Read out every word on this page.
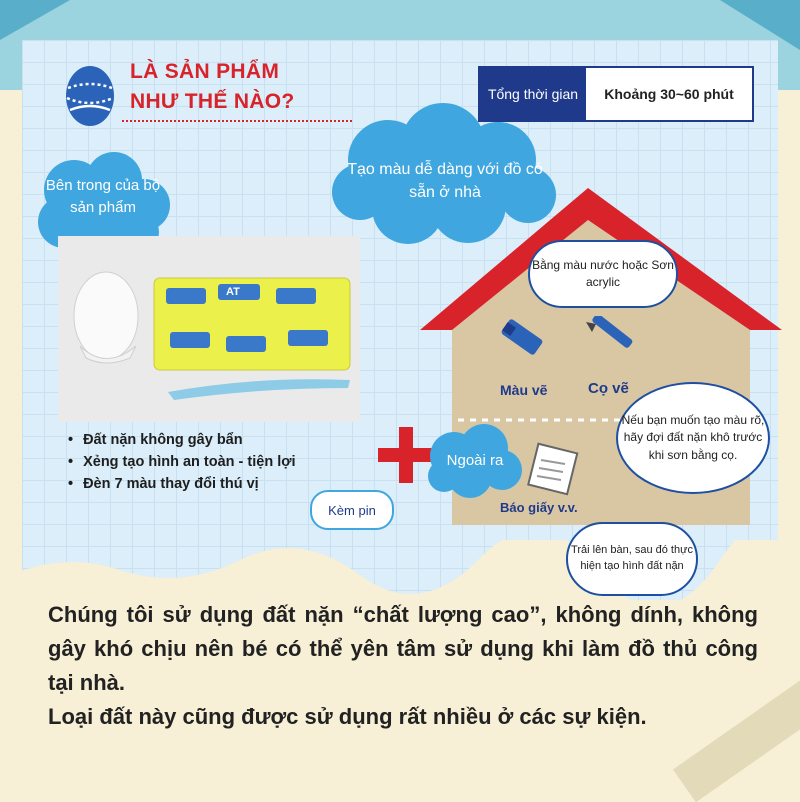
LÀ SẢN PHẨM
NHƯ THẾ NÀO?	Tổng thời gian	Khoảng 30~60 phút
Bên trong của bộ sản phẩm
AT
• Đất nặn không gây bẩn
• Xẻng tạo hình an toàn - tiện lợi
• Đèn 7 màu thay đổi thú vị
Kèm pin
Tạo màu dễ dàng với đồ có sẵn ở nhà
Bằng màu nước hoặc Sơn acrylic
Màu vẽ	Cọ vẽ
Nếu bạn muốn tạo màu rõ, hãy đợi đất nặn khô trước khi sơn bằng cọ.
Ngoài ra
Báo giấy v.v.
Trải lên bàn, sau đó thực hiện tạo hình đất nặn

Chúng tôi sử dụng đất nặn “chất lượng cao”, không dính, không gây khó chịu nên bé có thể yên tâm sử dụng khi làm đồ thủ công tại nhà.

Loại đất này cũng được sử dụng rất nhiều ở các sự kiện.
